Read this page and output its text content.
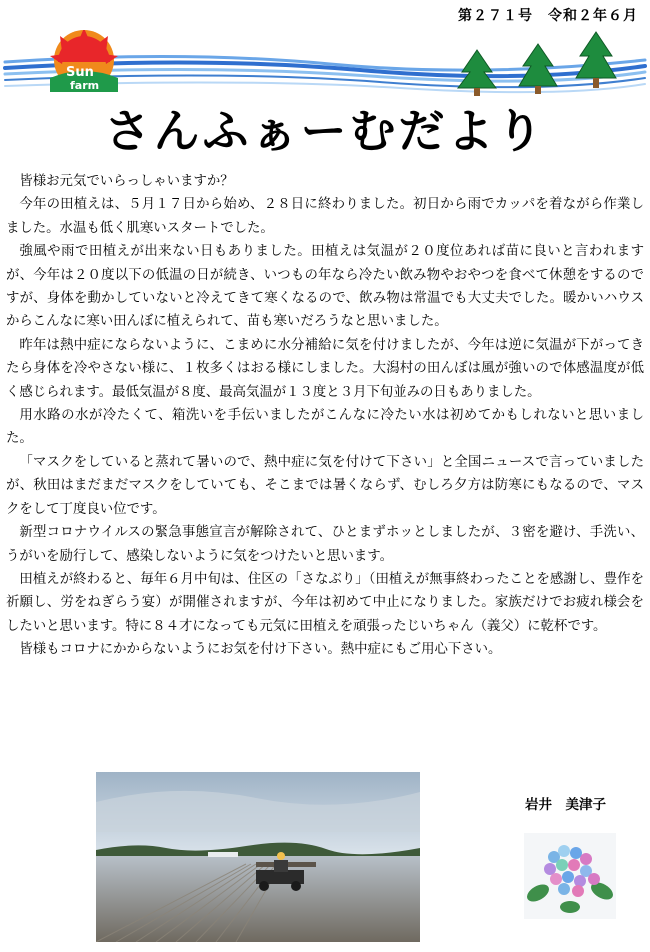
第２７１号　令和２年６月
Sun
farm
さんふぁーむだより

皆様お元気でいらっしゃいますか？

今年の田植えは、５月１７日から始め、２８日に終わりました。初日から雨でカッパを着ながら作業しました。水温も低く肌寒いスタートでした。

強風や雨で田植えが出来ない日もありました。田植えは気温が２０度位あれば苗に良いと言われますが、今年は２０度以下の低温の日が続き、いつもの年なら冷たい飲み物やおやつを食べて休憩をするのですが、身体を動かしていないと冷えてきて寒くなるので、飲み物は常温でも大丈夫でした。暖かいハウスからこんなに寒い田んぼに植えられて、苗も寒いだろうなと思いました。

昨年は熱中症にならないように、こまめに水分補給に気を付けましたが、今年は逆に気温が下がってきたら身体を冷やさない様に、１枚多くはおる様にしました。大潟村の田んぼは風が強いので体感温度が低く感じられます。最低気温が８度、最高気温が１３度と３月下旬並みの日もありました。

用水路の水が冷たくて、箱洗いを手伝いましたがこんなに冷たい水は初めてかもしれないと思いました。

「マスクをしていると蒸れて暑いので、熱中症に気を付けて下さい」と全国ニュースで言っていましたが、秋田はまだまだマスクをしていても、そこまでは暑くならず、むしろ夕方は防寒にもなるので、マスクをして丁度良い位です。

新型コロナウイルスの緊急事態宣言が解除されて、ひとまずホッとしましたが、３密を避け、手洗い、うがいを励行して、感染しないように気をつけたいと思います。

田植えが終わると、毎年６月中旬は、住区の「さなぶり」（田植えが無事終わったことを感謝し、豊作を祈願し、労をねぎらう宴）が開催されますが、今年は初めて中止になりました。家族だけでお疲れ様会をしたいと思います。特に８４才になっても元気に田植えを頑張ったじいちゃん（義父）に乾杯です。

皆様もコロナにかからないようにお気を付け下さい。熱中症にもご用心下さい。

岩井　美津子
